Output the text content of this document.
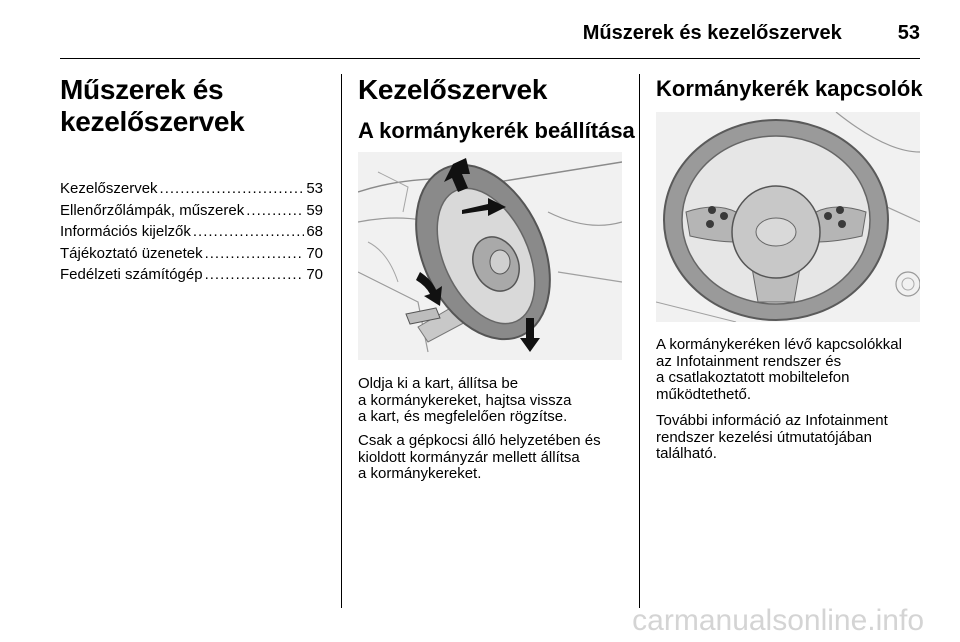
Műszerek és kezelőszervek	53
Műszerek és
kezelőszervek
Kezelőszervek .....	53
Ellenőrzőlámpák, műszerek .....	59
Információs kijelzők .....	68
Tájékoztató üzenetek .....	70
Fedélzeti számítógép .....	70
Kezelőszervek
A kormánykerék beállítása

Oldja ki a kart, állítsa be
a kormánykereket, hajtsa vissza
a kart, és megfelelően rögzítse.

Csak a gépkocsi álló helyzetében és
kioldott kormányzár mellett állítsa
a kormánykereket.

Kormánykerék kapcsolók

A kormánykeréken lévő kapcsolókkal
az Infotainment rendszer és
a csatlakoztatott mobiltelefon
működtethető.

További információ az Infotainment
rendszer kezelési útmutatójában
található.

carmanualsonline.info
